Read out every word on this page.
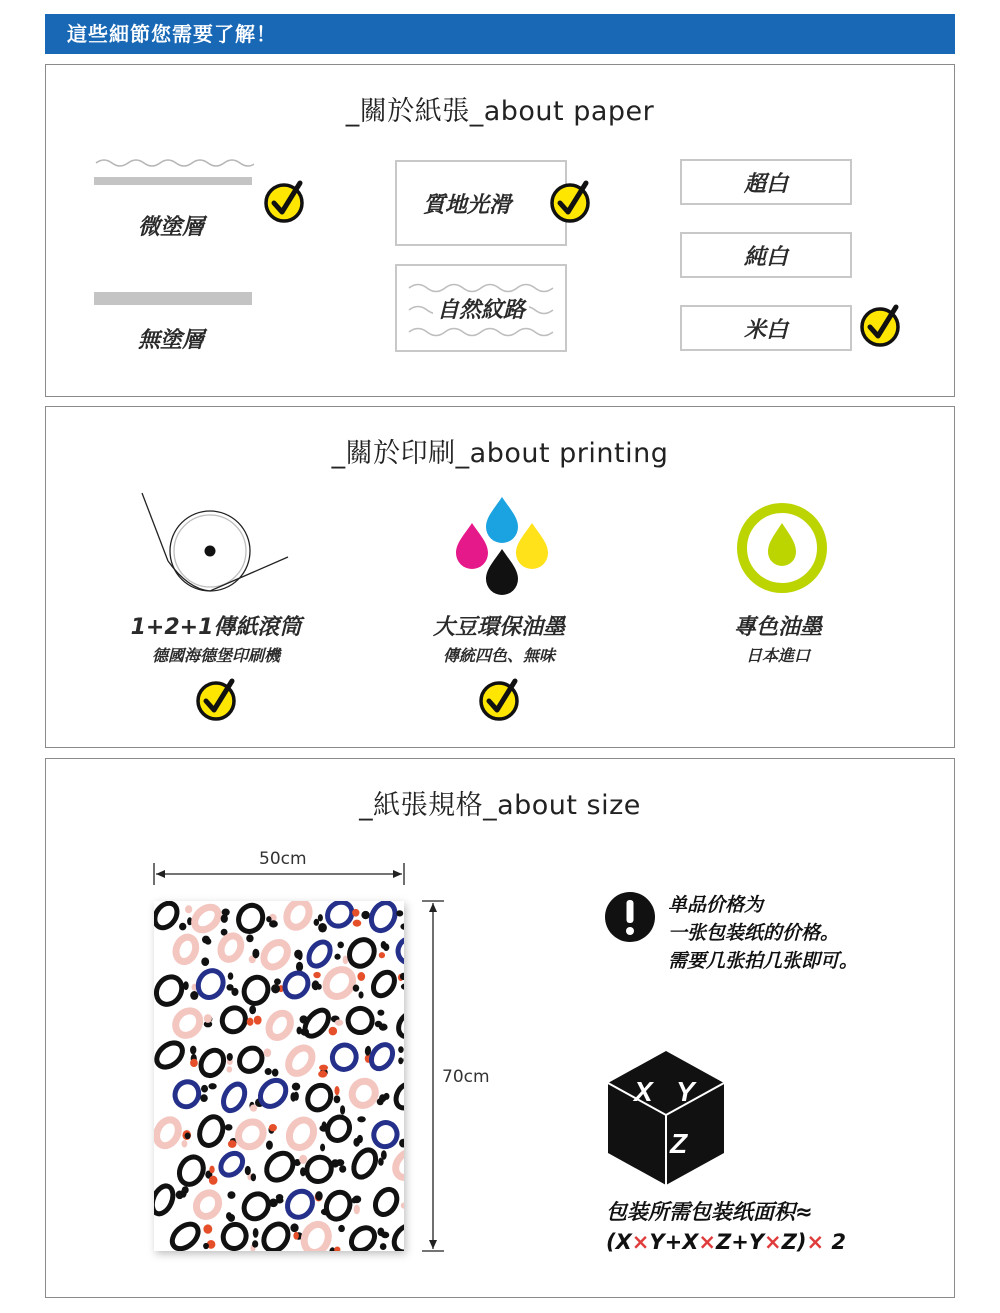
這些細節您需要了解！
_關於紙張_about paper
微塗層
無塗層
質地光滑
自然紋路
超白
純白
米白
_關於印刷_about printing
1+2+1傳紙滾筒
德國海德堡印刷機
大豆環保油墨
傳統四色、無味
專色油墨
日本進口
_紙張規格_about size
50cm
70cm
单品价格为
一张包装纸的价格。
需要几张拍几张即可。
X Y
Z
包装所需包装纸面积≈
(X×Y+X×Z+Y×Z)× 2
